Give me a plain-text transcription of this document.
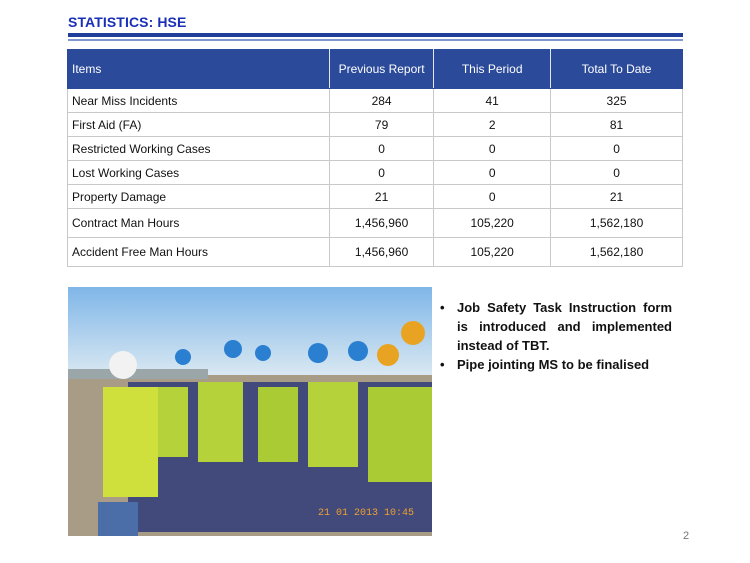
STATISTICS: HSE
Items	Previous Report	This Period	Total To Date
Near Miss Incidents	284	41	325
First Aid (FA)	79	2	81
Restricted Working Cases	0	0	0
Lost Working Cases	0	0	0
Property Damage	21	0	21
Contract Man Hours	1,456,960	105,220	1,562,180
Accident Free Man Hours	1,456,960	105,220	1,562,180
21 01 2013 10:45
• Job Safety Task Instruction form is introduced and implemented instead of TBT.
• Pipe jointing MS to be finalised
2
